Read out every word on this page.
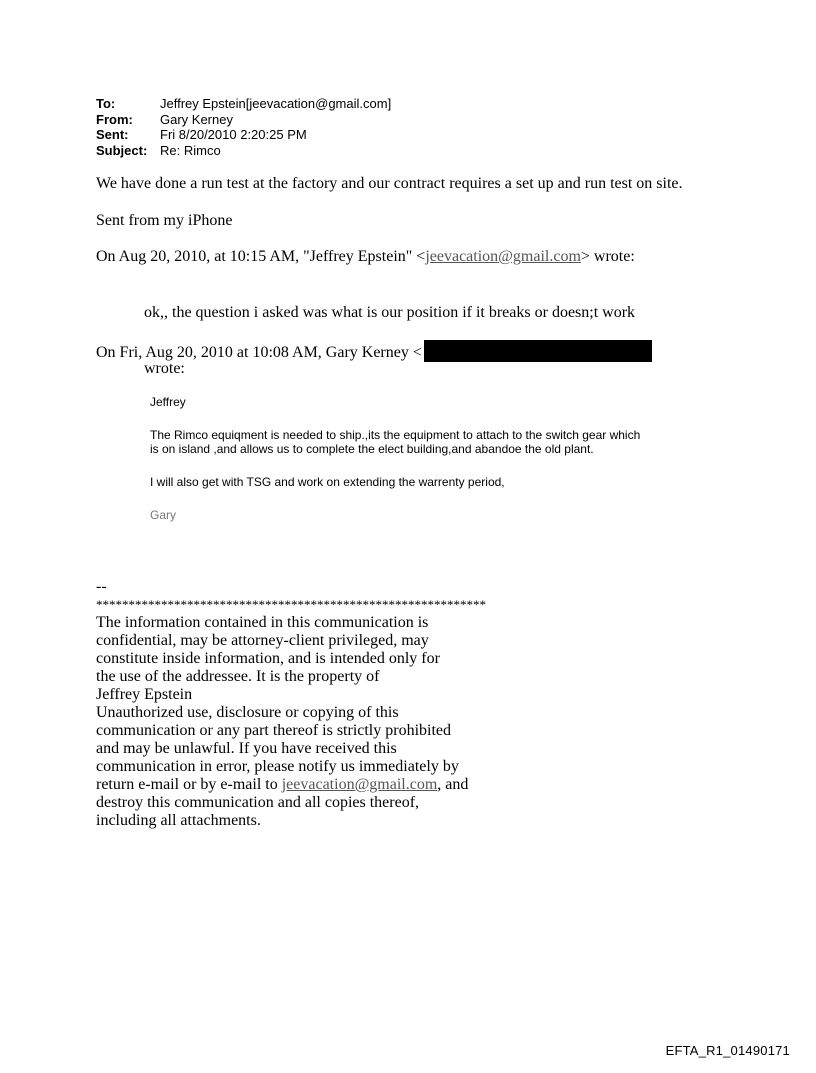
To:	Jeffrey Epstein[jeevacation@gmail.com]
From:	Gary Kerney
Sent:	Fri 8/20/2010 2:20:25 PM
Subject: Re: Rimco
We have done a run test at the factory and our contract requires a set up and run test on site.
Sent from my iPhone
On Aug 20, 2010, at 10:15 AM, "Jeffrey Epstein" <jeevacation@gmail.com> wrote:
ok,, the question i asked was what is our position if it breaks or doesn;t work
On Fri, Aug 20, 2010 at 10:08 AM, Gary Kerney <
wrote:
Jeffrey
The Rimco equiqment is needed to ship.,its the equipment to attach to the switch gear which
is on island ,and allows us to complete the elect building,and abandoe the old plant.
I will also get with TSG and work on extending the warrenty period,
Gary
--
************************************************************
The information contained in this communication is
confidential, may be attorney-client privileged, may
constitute inside information, and is intended only for
the use of the addressee. It is the property of
Jeffrey Epstein
Unauthorized use, disclosure or copying of this
communication or any part thereof is strictly prohibited
and may be unlawful. If you have received this
communication in error, please notify us immediately by
return e-mail or by e-mail to jeevacation@gmail.com, and
destroy this communication and all copies thereof,
including all attachments.
EFTA_R1_01490171
